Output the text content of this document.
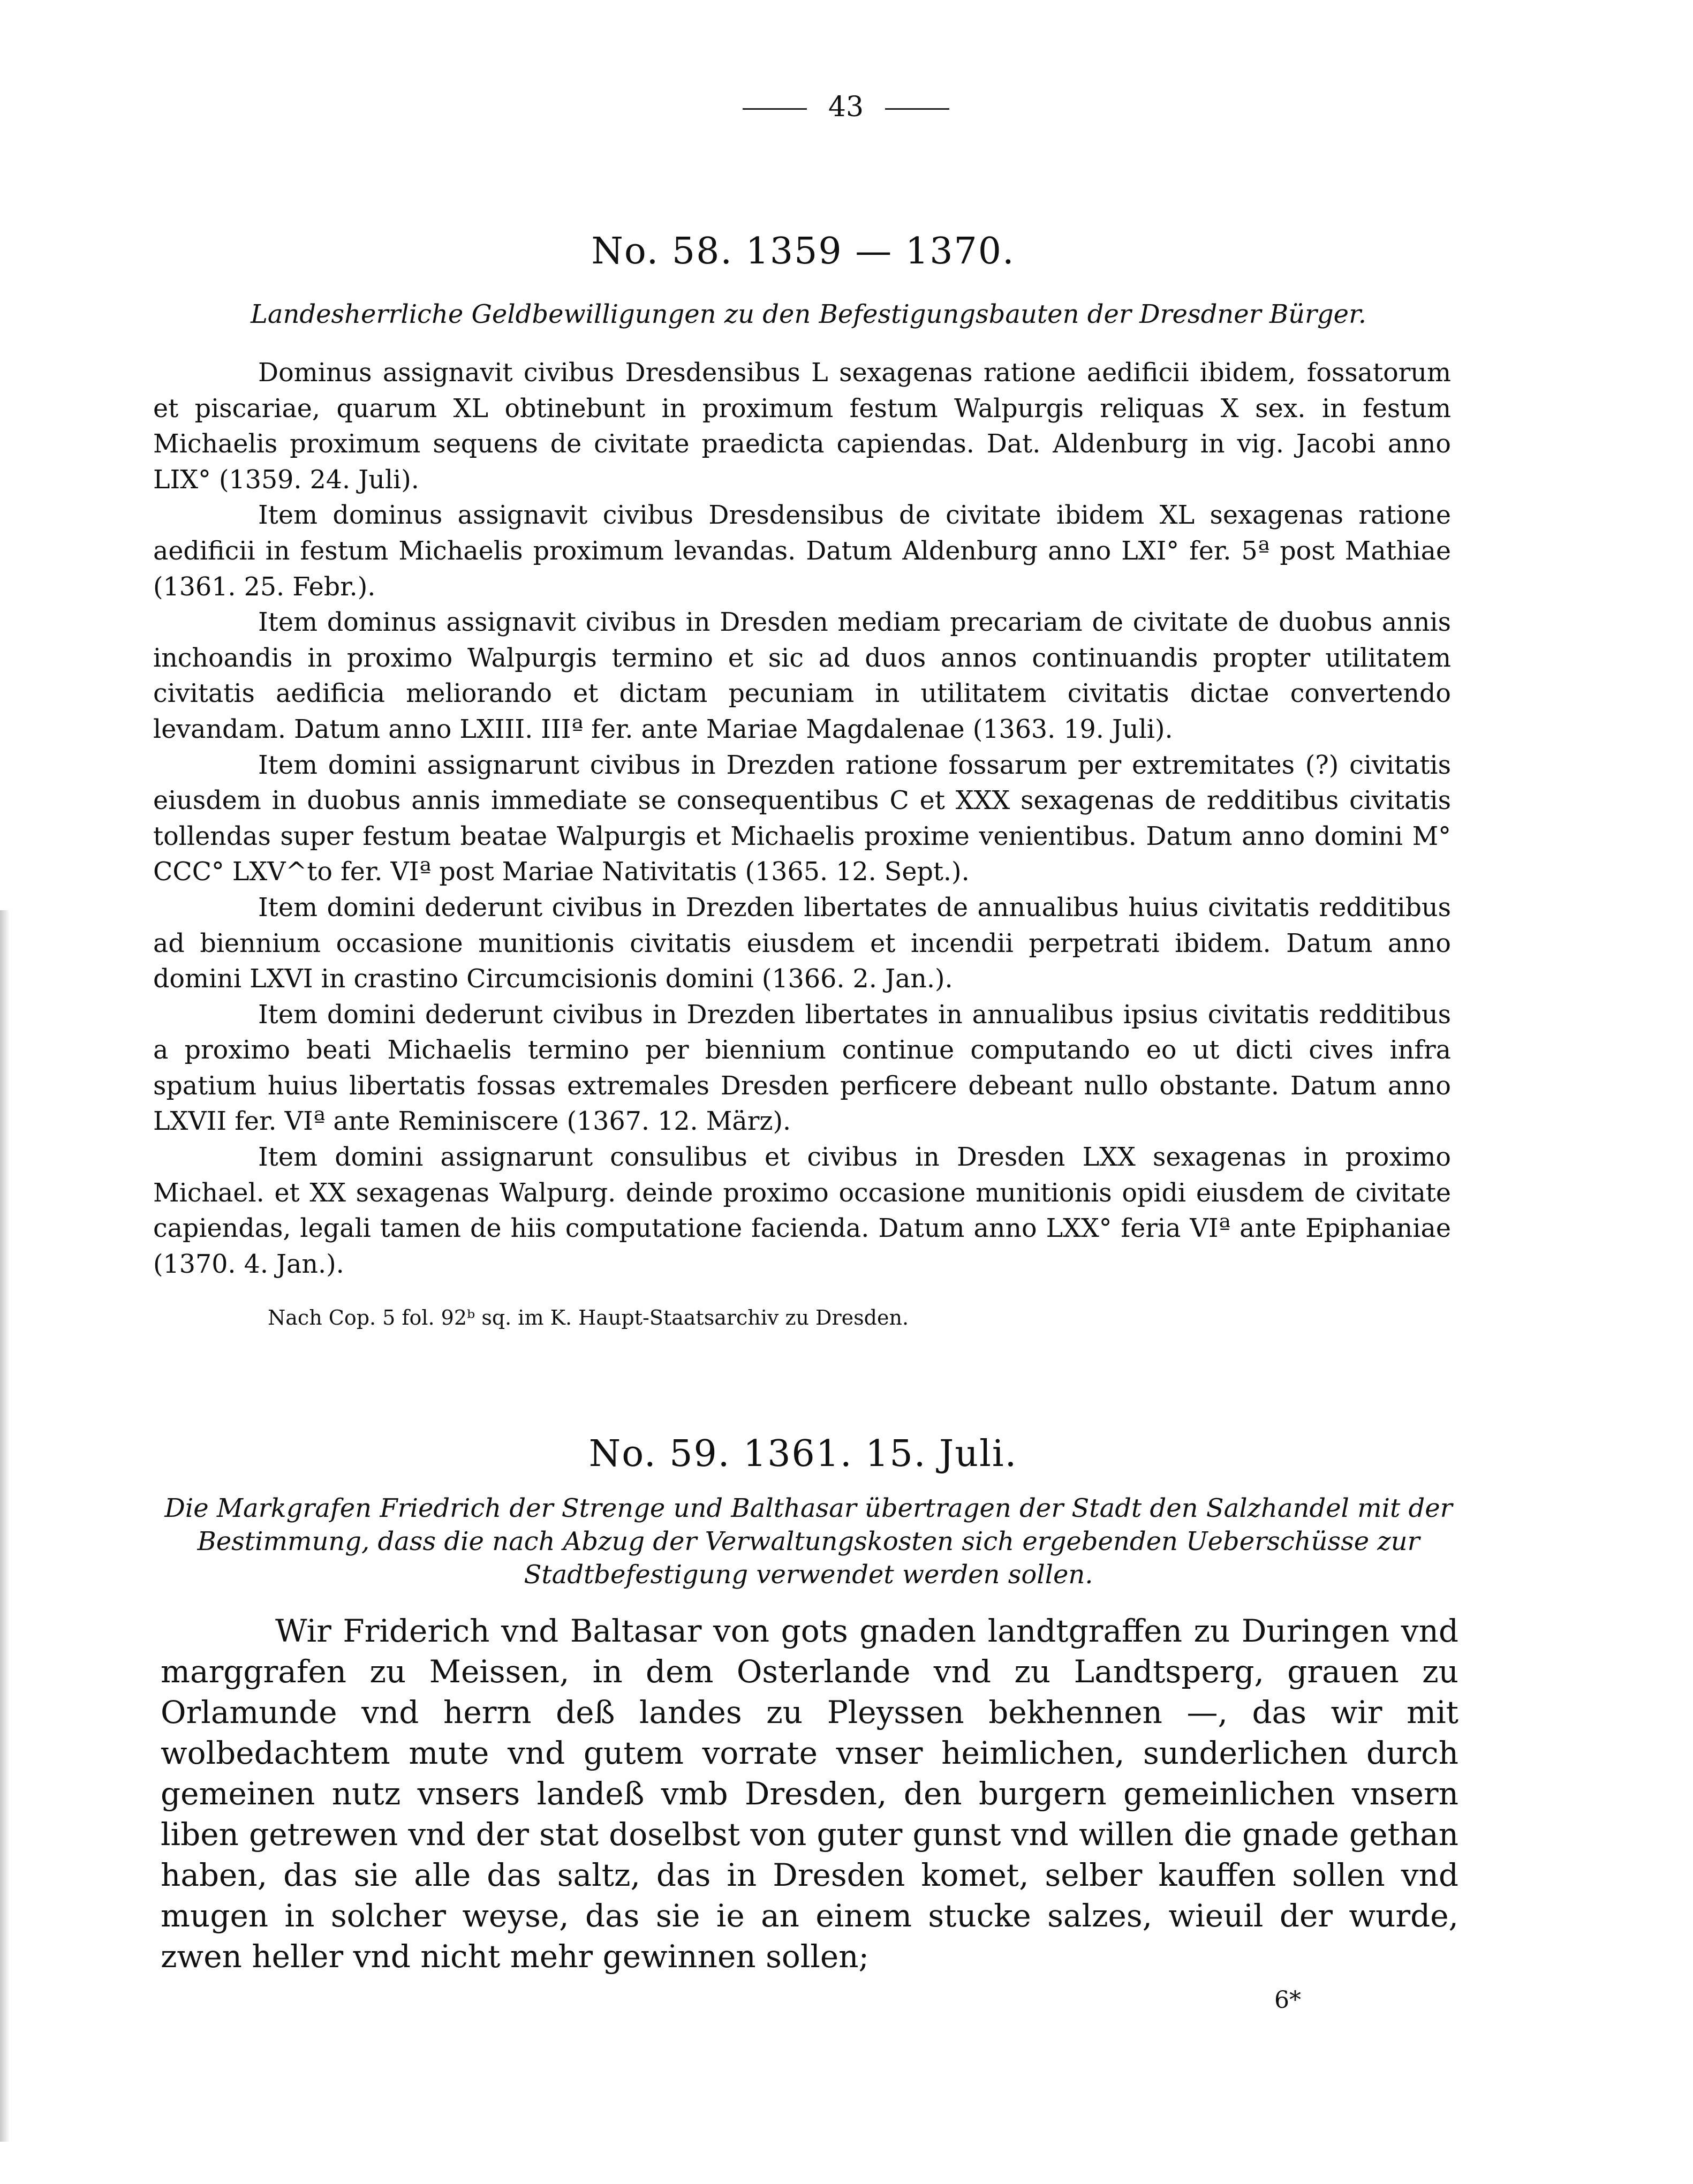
43
No. 58. 1359 — 1370.
Landesherrliche Geldbewilligungen zu den Befestigungsbauten der Dresdner Bürger.

Dominus assignavit civibus Dresdensibus L sexagenas ratione aedificii ibidem, fossatorum et piscariae, quarum XL obtinebunt in proximum festum Walpurgis reliquas X sex. in festum Michaelis proximum sequens de civitate praedicta capiendas. Dat. Aldenburg in vig. Jacobi anno LIX° (1359. 24. Juli).

Item dominus assignavit civibus Dresdensibus de civitate ibidem XL sexagenas ratione aedificii in festum Michaelis proximum levandas. Datum Aldenburg anno LXI° fer. 5ª post Mathiae (1361. 25. Febr.).

Item dominus assignavit civibus in Dresden mediam precariam de civitate de duobus annis inchoandis in proximo Walpurgis termino et sic ad duos annos continuandis propter utilitatem civitatis aedificia meliorando et dictam pecuniam in utilitatem civitatis dictae convertendo levandam. Datum anno LXIII. IIIª fer. ante Mariae Magdalenae (1363. 19. Juli).

Item domini assignarunt civibus in Drezden ratione fossarum per extremitates (?) civitatis eiusdem in duobus annis immediate se consequentibus C et XXX sexagenas de redditibus civitatis tollendas super festum beatae Walpurgis et Michaelis proxime venientibus. Datum anno domini M° CCC° LXV^to fer. VIª post Mariae Nativitatis (1365. 12. Sept.).

Item domini dederunt civibus in Drezden libertates de annualibus huius civitatis redditibus ad biennium occasione munitionis civitatis eiusdem et incendii perpetrati ibidem. Datum anno domini LXVI in crastino Circumcisionis domini (1366. 2. Jan.).

Item domini dederunt civibus in Drezden libertates in annualibus ipsius civitatis redditibus a proximo beati Michaelis termino per biennium continue computando eo ut dicti cives infra spatium huius libertatis fossas extremales Dresden perficere debeant nullo obstante. Datum anno LXVII fer. VIª ante Reminiscere (1367. 12. März).

Item domini assignarunt consulibus et civibus in Dresden LXX sexagenas in proximo Michael. et XX sexagenas Walpurg. deinde proximo occasione munitionis opidi eiusdem de civitate capiendas, legali tamen de hiis computatione facienda. Datum anno LXX° feria VIª ante Epiphaniae (1370. 4. Jan.).

Nach Cop. 5 fol. 92ᵇ sq. im K. Haupt-Staatsarchiv zu Dresden.
No. 59. 1361. 15. Juli.
Die Markgrafen Friedrich der Strenge und Balthasar übertragen der Stadt den Salzhandel mit der Bestimmung, dass die nach Abzug der Verwaltungskosten sich ergebenden Ueberschüsse zur Stadtbefestigung verwendet werden sollen.

Wir Friderich vnd Baltasar von gots gnaden landtgraffen zu Duringen vnd marggrafen zu Meissen, in dem Osterlande vnd zu Landtsperg, grauen zu Orlamunde vnd herrn deß landes zu Pleyssen bekhennen —, das wir mit wolbedachtem mute vnd gutem vorrate vnser heimlichen, sunderlichen durch gemeinen nutz vnsers landeß vmb Dresden, den burgern gemeinlichen vnsern liben getrewen vnd der stat doselbst von guter gunst vnd willen die gnade gethan haben, das sie alle das saltz, das in Dresden komet, selber kauffen sollen vnd mugen in solcher weyse, das sie ie an einem stucke salzes, wieuil der wurde, zwen heller vnd nicht mehr gewinnen sollen;

6*
